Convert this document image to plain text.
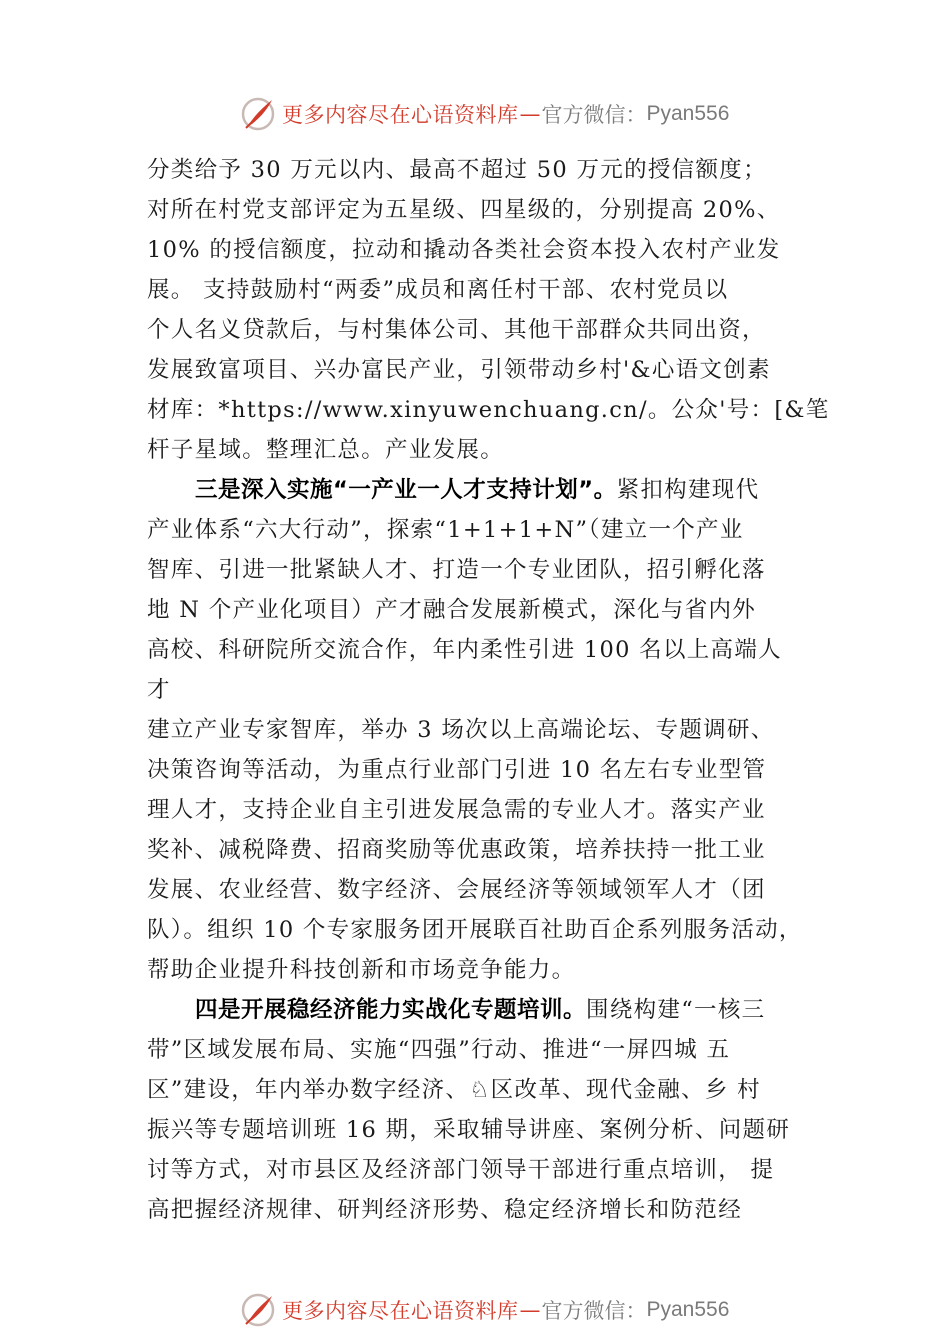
更多内容尽在心语资料库 — 官方微信： Pyan556
分类给予 30 万元以内、最高不超过 50 万元的授信额度；
对所在村党支部评定为五星级、四星级的，分别提高 20%、
10% 的授信额度，拉动和撬动各类社会资本投入农村产业发
展。 支持鼓励村“两委”成员和离任村干部、农村党员以
个人名义贷款后，与村集体公司、其他干部群众共同出资，
发展致富项目、兴办富民产业，引领带动乡村'&心语文创素
材库：*https://www.xinyuwenchuang.cn/。公众'号：[&笔
杆子星域。整理汇总。产业发展。
三是深入实施“一产业一人才支持计划”。紧扣构建现代
产业体系“六大行动”，探索“1+1+1+N”（建立一个产业
智库、引进一批紧缺人才、打造一个专业团队，招引孵化落
地 N 个产业化项目）产才融合发展新模式，深化与省内外
高校、科研院所交流合作，年内柔性引进 100 名以上高端人
才
建立产业专家智库，举办 3 场次以上高端论坛、专题调研、
决策咨询等活动，为重点行业部门引进 10 名左右专业型管
理人才，支持企业自主引进发展急需的专业人才。落实产业
奖补、减税降费、招商奖励等优惠政策，培养扶持一批工业
发展、农业经营、数字经济、会展经济等领域领军人才（团
队）。组织 10 个专家服务团开展联百社助百企系列服务活动，
帮助企业提升科技创新和市场竞争能力。
四是开展稳经济能力实战化专题培训。围绕构建“一核三
带”区域发展布局、实施“四强”行动、推进“一屏四城 五
区”建设，年内举办数字经济、♘区改革、现代金融、乡 村
振兴等专题培训班 16 期，采取辅导讲座、案例分析、问题研
讨等方式，对市县区及经济部门领导干部进行重点培训， 提
高把握经济规律、研判经济形势、稳定经济增长和防范经
更多内容尽在心语资料库 — 官方微信： Pyan556
